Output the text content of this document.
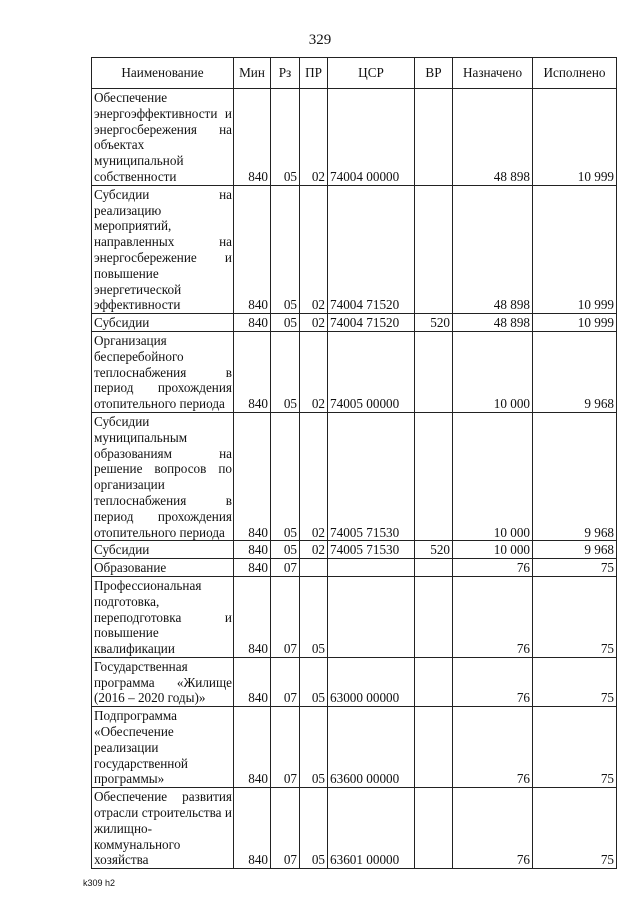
329
Наименование	Мин	Рз	ПР	ЦСР	ВР	Назначено	Исполнено
Обеспечение энергоэффективности и энергосбережения на объектах муниципальной собственности	840	05	02	74004 00000		48 898	10 999
Субсидии на реализацию мероприятий, направленных на энергосбережение и повышение энергетической эффективности	840	05	02	74004 71520		48 898	10 999
Субсидии	840	05	02	74004 71520	520	48 898	10 999
Организация бесперебойного теплоснабжения в период прохождения отопительного периода	840	05	02	74005 00000		10 000	9 968
Субсидии муниципальным образованиям на решение вопросов по организации теплоснабжения в период прохождения отопительного периода	840	05	02	74005 71530		10 000	9 968
Субсидии	840	05	02	74005 71530	520	10 000	9 968
Образование	840	07				76	75
Профессиональная подготовка, переподготовка и повышение квалификации	840	07	05			76	75
Государственная программа «Жилище (2016 – 2020 годы)»	840	07	05	63000 00000		76	75
Подпрограмма «Обеспечение реализации государственной программы»	840	07	05	63600 00000		76	75
Обеспечение развития отрасли строительства и жилищно-коммунального хозяйства	840	07	05	63601 00000		76	75
k309 h2
